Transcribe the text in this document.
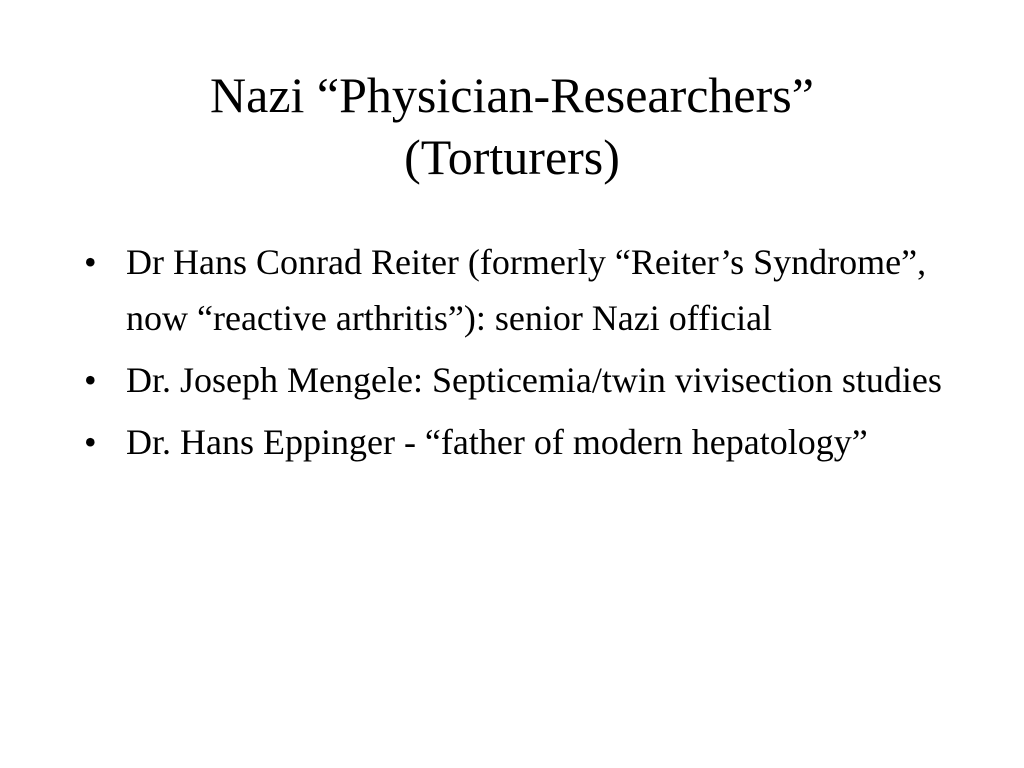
Nazi “Physician-Researchers”
(Torturers)
• Dr Hans Conrad Reiter (formerly “Reiter’s Syndrome”, now “reactive arthritis”): senior Nazi official
• Dr. Joseph Mengele: Septicemia/twin vivisection studies
• Dr. Hans Eppinger - “father of modern hepatology”
